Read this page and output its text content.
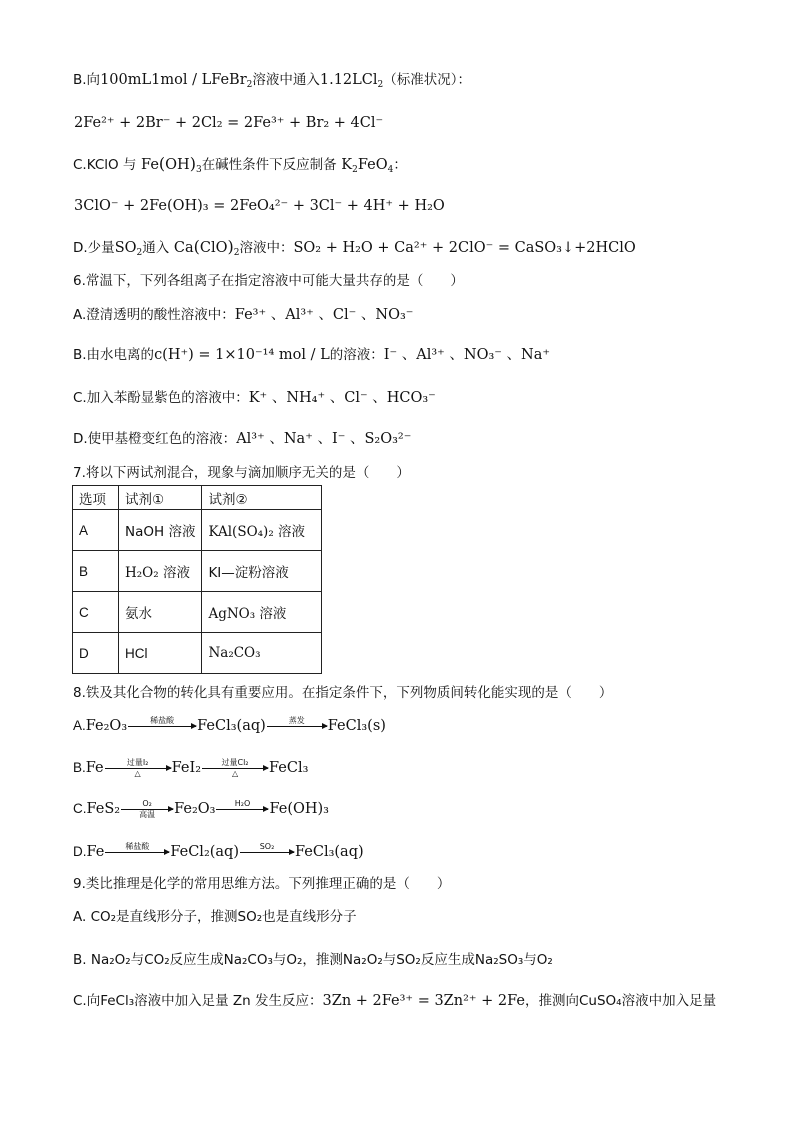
B.向100mL1mol / LFeBr$_2$溶液中通入1.12LCl$_2$（标准状况）：
2Fe²⁺ + 2Br⁻ + 2Cl₂ = 2Fe³⁺ + Br₂ + 4Cl⁻
C.KClO 与 $Fe(OH)_3$在碱性条件下反应制备 $K_2FeO_4$：
3ClO⁻ + 2Fe(OH)₃ = 2FeO₄²⁻ + 3Cl⁻ + 4H⁺ + H₂O
D.少量$SO_2$通入 $Ca(ClO)_2$溶液中：SO₂ + H₂O + Ca²⁺ + 2ClO⁻ = CaSO₃↓+2HClO
6.常温下，下列各组离子在指定溶液中可能大量共存的是（　　）
A.澄清透明的酸性溶液中：Fe³⁺ 、Al³⁺ 、Cl⁻ 、NO₃⁻
B.由水电离的c(H⁺) = 1×10⁻¹⁴ mol / L的溶液：I⁻ 、Al³⁺ 、NO₃⁻ 、Na⁺
C.加入苯酚显紫色的溶液中：K⁺ 、NH₄⁺ 、Cl⁻ 、HCO₃⁻
D.使甲基橙变红色的溶液：Al³⁺ 、Na⁺ 、I⁻ 、S₂O₃²⁻
7.将以下两试剂混合，现象与滴加顺序无关的是（　　）
选项	试剂①	试剂②
A	NaOH 溶液	KAl(SO₄)₂ 溶液
B	H₂O₂ 溶液	KI—淀粉溶液
C	氨水	AgNO₃ 溶液
D	HCl	Na₂CO₃
8.铁及其化合物的转化具有重要应用。在指定条件下，下列物质间转化能实现的是（　　）
A.Fe₂O₃	稀盐酸	FeCl₃(aq)	蒸发	FeCl₃(s)
B.Fe	过量I₂
△	FeI₂	过量Cl₂
△	FeCl₃
C.FeS₂	O₂
高温	Fe₂O₃	H₂O	Fe(OH)₃
D.Fe	稀盐酸	FeCl₂(aq)	SO₂	FeCl₃(aq)
9.类比推理是化学的常用思维方法。下列推理正确的是（　　）
A. CO₂是直线形分子，推测SO₂也是直线形分子
B. Na₂O₂与CO₂反应生成Na₂CO₃与O₂，推测Na₂O₂与SO₂反应生成Na₂SO₃与O₂
C.向FeCl₃溶液中加入足量 Zn 发生反应：3Zn + 2Fe³⁺ = 3Zn²⁺ + 2Fe，推测向CuSO₄溶液中加入足量
